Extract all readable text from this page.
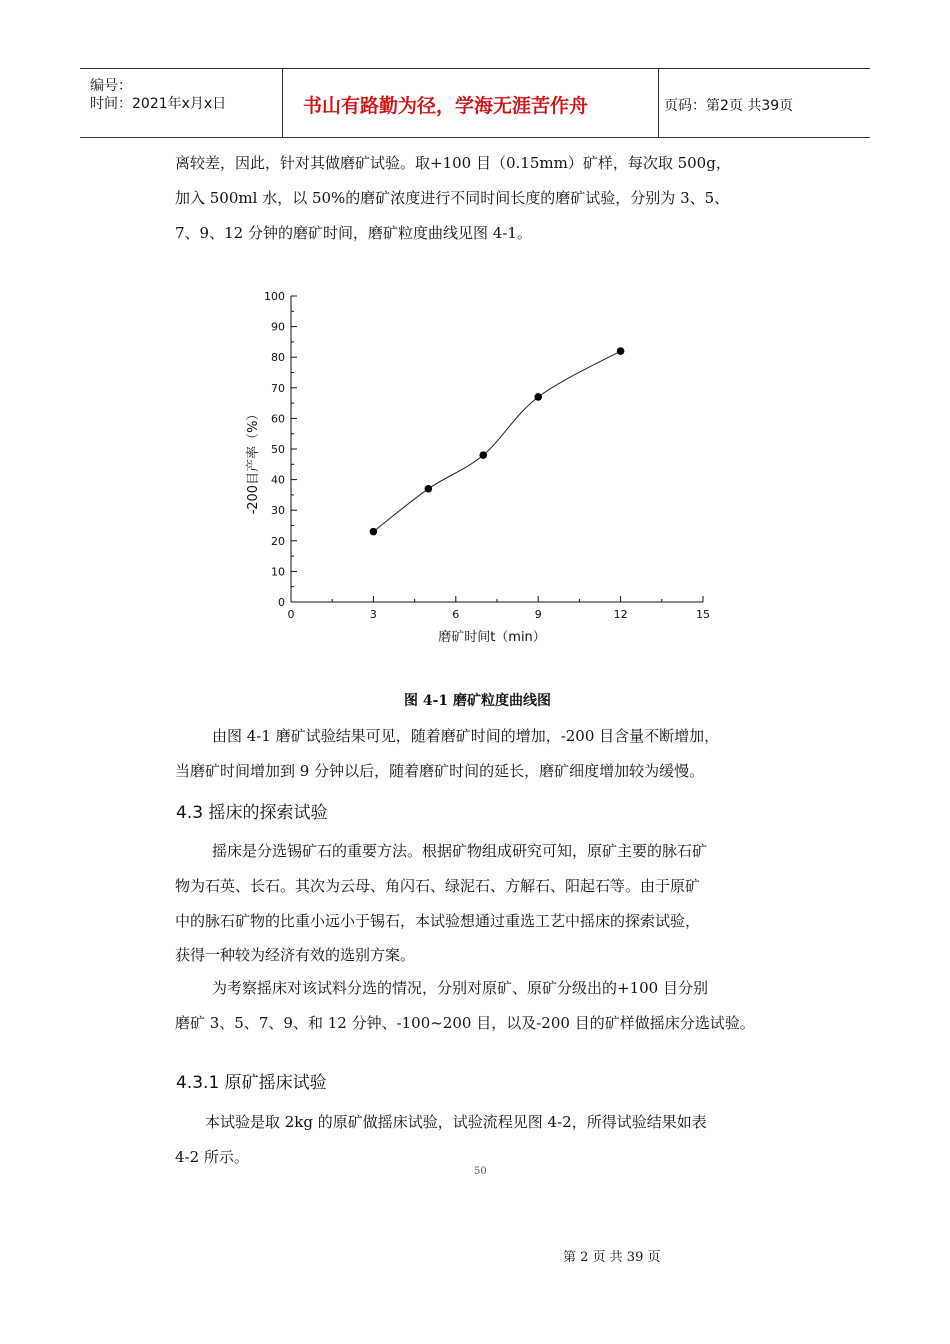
编号：
时间：2021年x月x日	书山有路勤为径，学海无涯苦作舟	页码：第2页 共39页
离较差，因此，针对其做磨矿试验。取+100 目（0.15mm）矿样，每次取 500g，
加入 500ml 水，以 50%的磨矿浓度进行不同时间长度的磨矿试验，分别为 3、5、
7、9、12 分钟的磨矿时间，磨矿粒度曲线见图 4-1。
0
10
20
30
40
50
60
70
80
90
100
0	3	6	9	12	15
磨矿时间t（min）
-200目产率（%）
图 4-1 磨矿粒度曲线图
由图 4-1 磨矿试验结果可见，随着磨矿时间的增加，-200 目含量不断增加，
当磨矿时间增加到 9 分钟以后，随着磨矿时间的延长，磨矿细度增加较为缓慢。
4.3 摇床的探索试验
摇床是分选锡矿石的重要方法。根据矿物组成研究可知，原矿主要的脉石矿
物为石英、长石。其次为云母、角闪石、绿泥石、方解石、阳起石等。由于原矿
中的脉石矿物的比重小远小于锡石，本试验想通过重选工艺中摇床的探索试验，
获得一种较为经济有效的选别方案。
为考察摇床对该试料分选的情况，分别对原矿、原矿分级出的+100 目分别
磨矿 3、5、7、9、和 12 分钟、-100~200 目，以及-200 目的矿样做摇床分选试验。
4.3.1 原矿摇床试验
本试验是取 2kg 的原矿做摇床试验，试验流程见图 4-2，所得试验结果如表
4-2 所示。
50
第 2 页 共 39 页
